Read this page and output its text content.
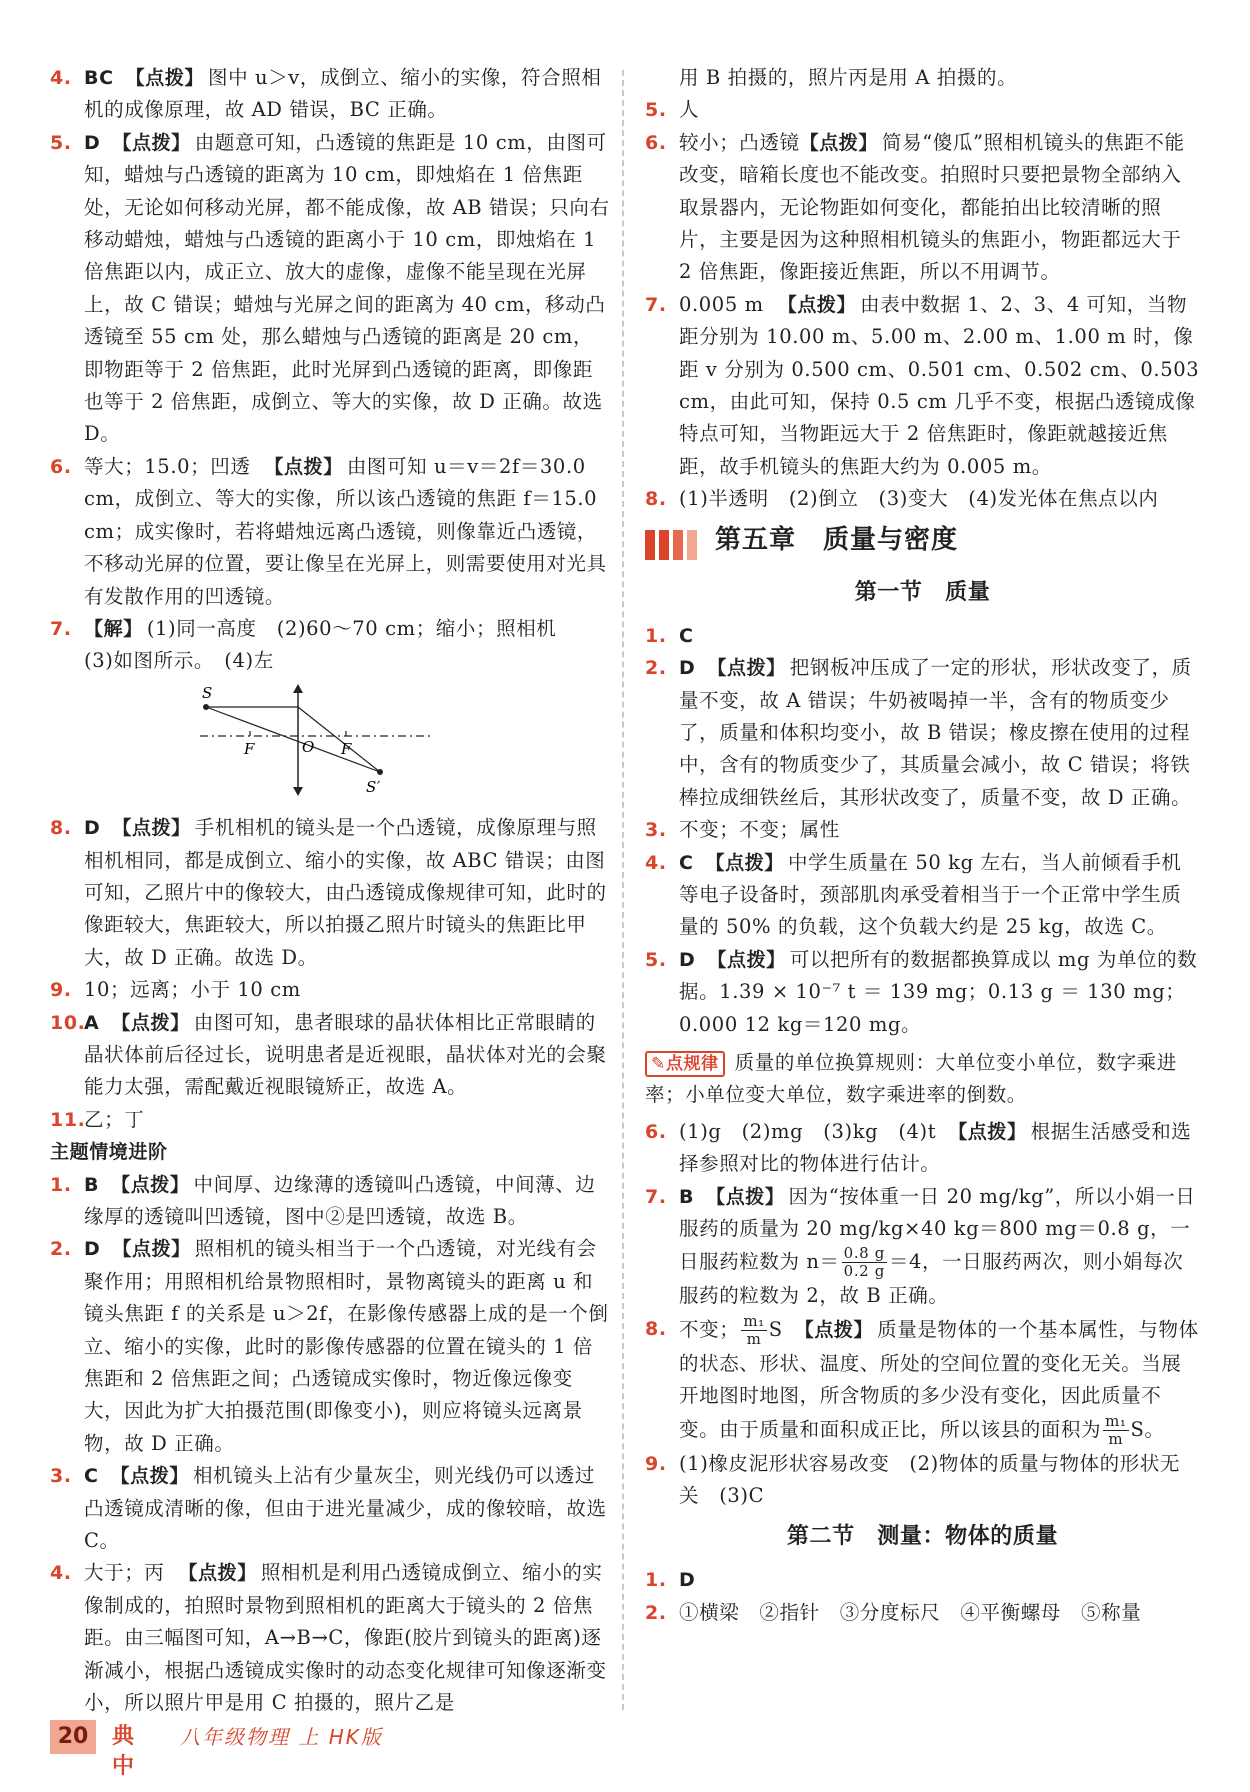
4. BC 【点拨】 图中 u＞v，成倒立、缩小的实像，符合照相机的成像原理，故 AD 错误，BC 正确。

5. D 【点拨】 由题意可知，凸透镜的焦距是 10 cm，由图可知，蜡烛与凸透镜的距离为 10 cm，即烛焰在 1 倍焦距处，无论如何移动光屏，都不能成像，故 AB 错误；只向右移动蜡烛，蜡烛与凸透镜的距离小于 10 cm，即烛焰在 1 倍焦距以内，成正立、放大的虚像，虚像不能呈现在光屏上，故 C 错误；蜡烛与光屏之间的距离为 40 cm，移动凸透镜至 55 cm 处，那么蜡烛与凸透镜的距离是 20 cm，即物距等于 2 倍焦距，此时光屏到凸透镜的距离，即像距也等于 2 倍焦距，成倒立、等大的实像，故 D 正确。故选 D。

6. 等大；15.0；凹透 【点拨】 由图可知 u＝v＝2f＝30.0 cm，成倒立、等大的实像，所以该凸透镜的焦距 f＝15.0 cm；成实像时，若将蜡烛远离凸透镜，则像靠近凸透镜，不移动光屏的位置，要让像呈在光屏上，则需要使用对光具有发散作用的凹透镜。

7. 【解】 (1)同一高度　(2)60～70 cm；缩小；照相机
(3)如图所示。　(4)左

S
F	O F
S′

8. D 【点拨】 手机相机的镜头是一个凸透镜，成像原理与照相机相同，都是成倒立、缩小的实像，故 ABC 错误；由图可知，乙照片中的像较大，由凸透镜成像规律可知，此时的像距较大，焦距较大，所以拍摄乙照片时镜头的焦距比甲大，故 D 正确。故选 D。

9. 10；远离；小于 10 cm

10.
A 【点拨】 由图可知，患者眼球的晶状体相比正常眼睛的晶状体前后径过长，说明患者是近视眼，晶状体对光的会聚能力太强，需配戴近视眼镜矫正，故选 A。

11.
乙；丁

主题情境进阶

1. B 【点拨】 中间厚、边缘薄的透镜叫凸透镜，中间薄、边缘厚的透镜叫凹透镜，图中②是凹透镜，故选 B。

2. D 【点拨】 照相机的镜头相当于一个凸透镜，对光线有会聚作用；用照相机给景物照相时，景物离镜头的距离 u 和镜头焦距 f 的关系是 u＞2f，在影像传感器上成的是一个倒立、缩小的实像，此时的影像传感器的位置在镜头的 1 倍焦距和 2 倍焦距之间；凸透镜成实像时，物近像远像变大，因此为扩大拍摄范围(即像变小)，则应将镜头远离景物，故 D 正确。

3. C 【点拨】 相机镜头上沾有少量灰尘，则光线仍可以透过凸透镜成清晰的像，但由于进光量减少，成的像较暗，故选 C。

4. 大于；丙 【点拨】 照相机是利用凸透镜成倒立、缩小的实像制成的，拍照时景物到照相机的距离大于镜头的 2 倍焦距。由三幅图可知，A→B→C，像距(胶片到镜头的距离)逐渐减小，根据凸透镜成实像时的动态变化规律可知像逐渐变小，所以照片甲是用 C 拍摄的，照片乙是

用 B 拍摄的，照片丙是用 A 拍摄的。

5. 人

6. 较小；凸透镜【点拨】 简易“傻瓜”照相机镜头的焦距不能改变，暗箱长度也不能改变。拍照时只要把景物全部纳入取景器内，无论物距如何变化，都能拍出比较清晰的照片，主要是因为这种照相机镜头的焦距小，物距都远大于 2 倍焦距，像距接近焦距，所以不用调节。

7. 0.005 m 【点拨】 由表中数据 1、2、3、4 可知，当物距分别为 10.00 m、5.00 m、2.00 m、1.00 m 时，像距 v 分别为 0.500 cm、0.501 cm、0.502 cm、0.503 cm，由此可知，保持 0.5 cm 几乎不变，根据凸透镜成像特点可知，当物距远大于 2 倍焦距时，像距就越接近焦距，故手机镜头的焦距大约为 0.005 m。

8. (1)半透明　(2)倒立　(3)变大　(4)发光体在焦点以内

第五章　质量与密度
第一节　质量

1. C

2. D 【点拨】 把钢板冲压成了一定的形状，形状改变了，质量不变，故 A 错误；牛奶被喝掉一半，含有的物质变少了，质量和体积均变小，故 B 错误；橡皮擦在使用的过程中，含有的物质变少了，其质量会减小，故 C 错误；将铁棒拉成细铁丝后，其形状改变了，质量不变，故 D 正确。

3. 不变；不变；属性

4. C 【点拨】 中学生质量在 50 kg 左右，当人前倾看手机等电子设备时，颈部肌肉承受着相当于一个正常中学生质量的 50% 的负载，这个负载大约是 25 kg，故选 C。

5. D 【点拨】 可以把所有的数据都换算成以 mg 为单位的数据。1.39 × 10⁻⁷ t ＝ 139 mg；0.13 g ＝ 130 mg；0.000 12 kg＝120 mg。

✎点规律 质量的单位换算规则：大单位变小单位，数字乘进率；小单位变大单位，数字乘进率的倒数。

6. (1)g　(2)mg　(3)kg　(4)t 【点拨】 根据生活感受和选择参照对比的物体进行估计。

7. B 【点拨】 因为“按体重一日 20 mg/kg”，所以小娟一日服药的质量为 20 mg/kg×40 kg＝800 mg＝0.8 g，一日服药粒数为 $n= \frac{0.8 g}{0.2 g} =4$，一日服药两次，则小娟每次服药的粒数为 2，故 B 正确。

8. 不变； $\frac{\text{m₁}}{m}$ S 【点拨】 质量是物体的一个基本属性，与物体的状态、形状、温度、所处的空间位置的变化无关。当展开地图时地图，所含物质的多少没有变化，因此质量不变。由于质量和面积成正比，所以该县的面积为 $\frac{\text{m₁}}{m}$ S。

9. (1)橡皮泥形状容易改变　(2)物体的质量与物体的形状无关　(3)C

第二节　测量：物体的质量

1. D

2. ①横梁　②指针　③分度标尺　④平衡螺母　⑤称量

20	典中
八年级物理 上 HK版
